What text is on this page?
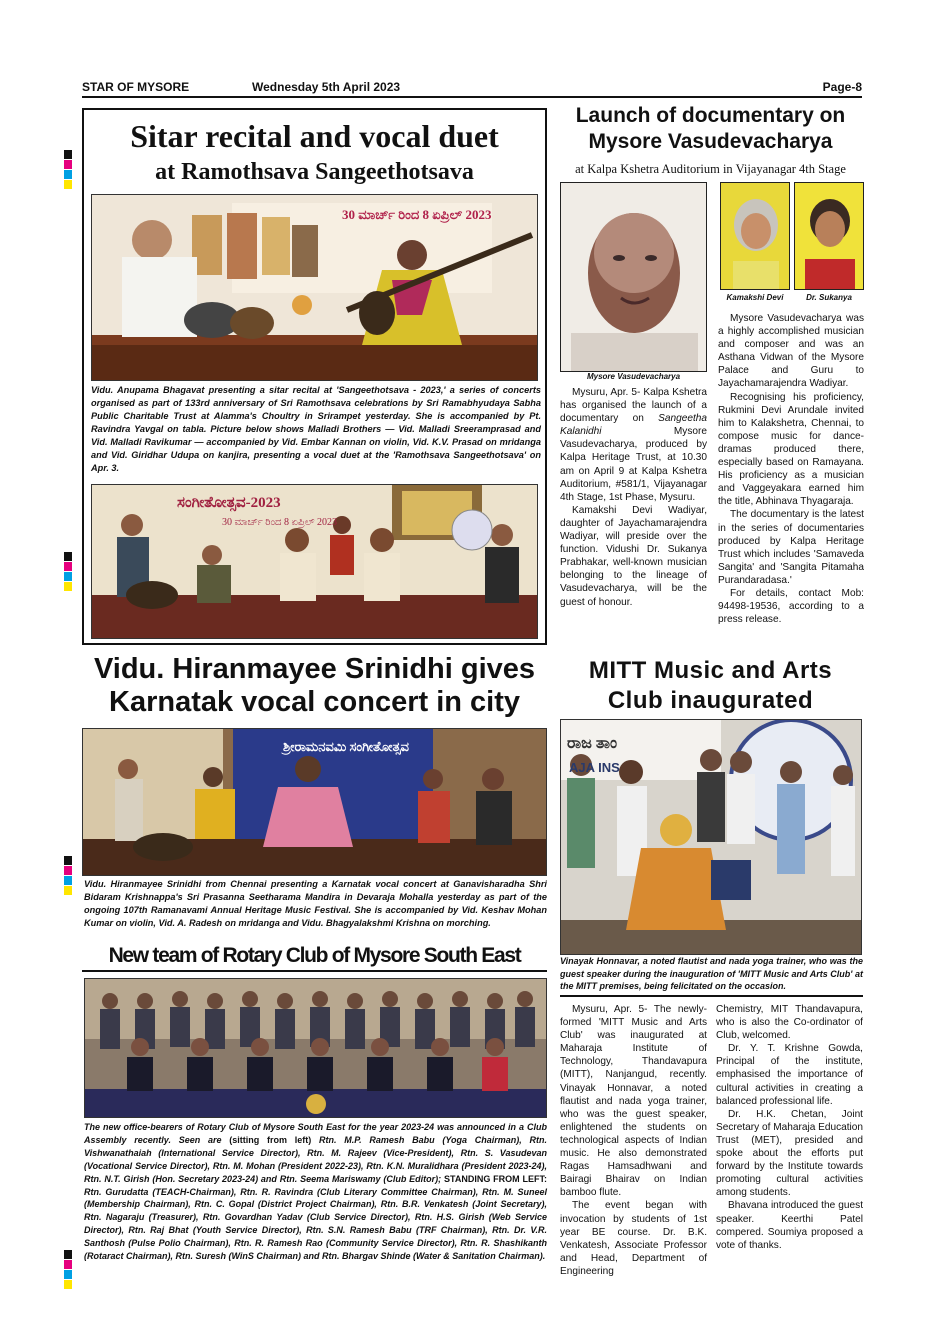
STAR OF MYSORE	Wednesday 5th April 2023	Page-8
Sitar recital and vocal duet
at Ramothsava Sangeethotsava
30 ಮಾರ್ಚ್ ರಿಂದ 8 ಏಪ್ರಿಲ್ 2023
Vidu. Anupama Bhagavat presenting a sitar recital at 'Sangeethotsava - 2023,' a series of concerts organised as part of 133rd anniversary of Sri Ramothsava celebrations by Sri Ramabhyudaya Sabha Public Charitable Trust at Alamma's Choultry in Srirampet yesterday. She is accompanied by Pt. Ravindra Yavgal on tabla. Picture below shows Malladi Brothers — Vid. Malladi Sreeramprasad and Vid. Malladi Ravikumar — accompanied by Vid. Embar Kannan on violin, Vid. K.V. Prasad on mridanga and Vid. Giridhar Udupa on kanjira, presenting a vocal duet at the 'Ramothsava Sangeethotsava' on Apr. 3.
ಸಂಗೀತೋತ್ಸವ-2023
30 ಮಾರ್ಚ್ ರಿಂದ 8 ಏಪ್ರಿಲ್ 2023
Launch of documentary on
Mysore Vasudevacharya
at Kalpa Kshetra Auditorium in Vijayanagar 4th Stage
Mysore Vasudevacharya
Kamakshi Devi	Dr. Sukanya

Mysuru, Apr. 5- Kalpa Kshetra has organised the launch of a documentary on Sangeetha Kalanidhi Mysore Vasudevacharya, produced by Kalpa Heritage Trust, at 10.30 am on April 9 at Kalpa Kshetra Auditorium, #581/1, Vijayanagar 4th Stage, 1st Phase, Mysuru.

Kamakshi Devi Wadiyar, daughter of Jayachamarajendra Wadiyar, will preside over the function. Vidushi Dr. Sukanya Prabhakar, well-known musician belonging to the lineage of Vasudevacharya, will be the guest of honour.

Mysore Vasudevacharya was a highly accomplished musician and composer and was an Asthana Vidwan of the Mysore Palace and Guru to Jayachamarajendra Wadiyar.

Recognising his proficiency, Rukmini Devi Arundale invited him to Kalakshetra, Chennai, to compose music for dance-dramas produced there, especially based on Ramayana. His proficiency as a musician and Vaggeyakara earned him the title, Abhinava Thyagaraja.

The documentary is the latest in the series of documentaries produced by Kalpa Heritage Trust which includes 'Samaveda Sangita' and 'Sangita Pitamaha Purandaradasa.'

For details, contact Mob: 94498-19536, according to a press release.

Vidu. Hiranmayee Srinidhi gives
Karnatak vocal concert in city
ಶ್ರೀರಾಮನವಮಿ ಸಂಗೀತೋತ್ಸವ
Vidu. Hiranmayee Srinidhi from Chennai presenting a Karnatak vocal concert at Ganavisharadha Shri Bidaram Krishnappa's Sri Prasanna Seetharama Mandira in Devaraja Mohalla yesterday as part of the ongoing 107th Ramanavami Annual Heritage Music Festival. She is accompanied by Vid. Keshav Mohan Kumar on violin, Vid. A. Radesh on mridanga and Vidu. Bhagyalakshmi Krishna on morching.
New team of Rotary Club of Mysore South East
The new office-bearers of Rotary Club of Mysore South East for the year 2023-24 was announced in a Club Assembly recently. Seen are (sitting from left) Rtn. M.P. Ramesh Babu (Yoga Chairman), Rtn. Vishwanathaiah (International Service Director), Rtn. M. Rajeev (Vice-President), Rtn. S. Vasudevan (Vocational Service Director), Rtn. M. Mohan (President 2022-23), Rtn. K.N. Muralidhara (President 2023-24), Rtn. N.T. Girish (Hon. Secretary 2023-24) and Rtn. Seema Mariswamy (Club Editor); STANDING FROM LEFT: Rtn. Gurudatta (TEACH-Chairman), Rtn. R. Ravindra (Club Literary Committee Chairman), Rtn. M. Suneel (Membership Chairman), Rtn. C. Gopal (District Project Chairman), Rtn. B.R. Venkatesh (Joint Secretary), Rtn. Nagaraju (Treasurer), Rtn. Govardhan Yadav (Club Service Director), Rtn. H.S. Girish (Web Service Director), Rtn. Raj Bhat (Youth Service Director), Rtn. S.N. Ramesh Babu (TRF Chairman), Rtn. Dr. V.R. Santhosh (Pulse Polio Chairman), Rtn. R. Ramesh Rao (Community Service Director), Rtn. R. Shashikanth (Rotaract Chairman), Rtn. Suresh (WinS Chairman) and Rtn. Bhargav Shinde (Water & Sanitation Chairman).
MITT Music and Arts
Club inaugurated
ರಾಜ ತಾಂ
AJA INS
Vinayak Honnavar, a noted flautist and nada yoga trainer, who was the guest speaker during the inauguration of 'MITT Music and Arts Club' at the MITT premises, being felicitated on the occasion.

Mysuru, Apr. 5- The newly-formed 'MITT Music and Arts Club' was inaugurated at Maharaja Institute of Technology, Thandavapura (MITT), Nanjangud, recently. Vinayak Honnavar, a noted flautist and nada yoga trainer, who was the guest speaker, enlightened the students on technological aspects of Indian music. He also demonstrated Ragas Hamsadhwani and Bairagi Bhairav on Indian bamboo flute.

The event began with invocation by students of 1st year BE course. Dr. B.K. Venkatesh, Associate Professor and Head, Department of Engineering

Chemistry, MIT Thandavapura, who is also the Co-ordinator of Club, welcomed.

Dr. Y. T. Krishne Gowda, Principal of the institute, emphasised the importance of cultural activities in creating a balanced professional life.

Dr. H.K. Chetan, Joint Secretary of Maharaja Education Trust (MET), presided and spoke about the efforts put forward by the Institute towards promoting cultural activities among students.

Bhavana introduced the guest speaker. Keerthi Patel compered. Soumiya proposed a vote of thanks.
